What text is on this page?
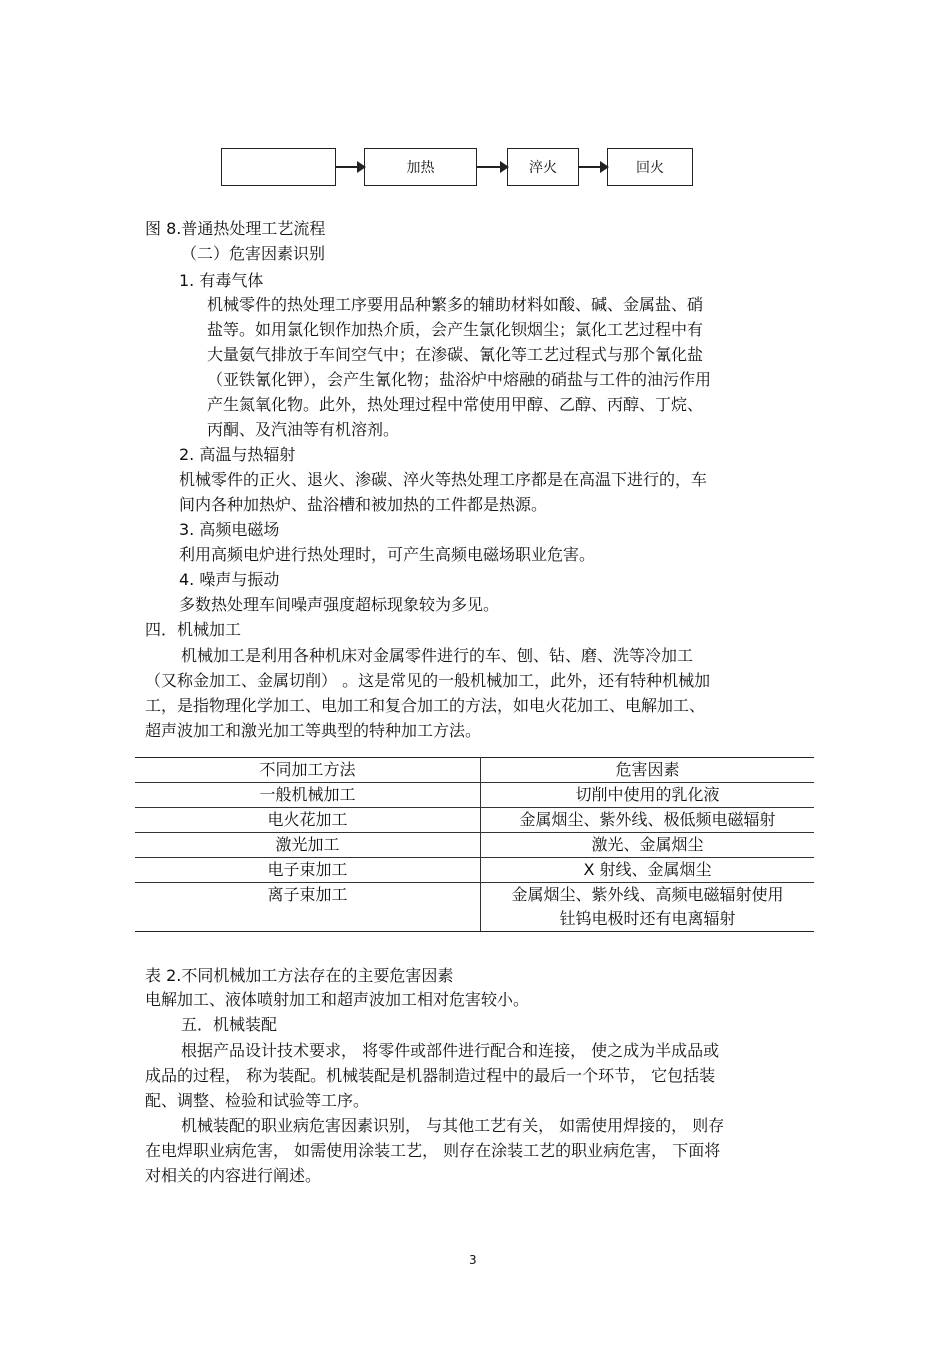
加热	淬火	回火
图 8.普通热处理工艺流程
（二）危害因素识别
1. 有毒气体
机械零件的热处理工序要用品种繁多的辅助材料如酸、碱、金属盐、硝
盐等。如用氯化钡作加热介质，会产生氯化钡烟尘；氯化工艺过程中有
大量氨气排放于车间空气中；在渗碳、氰化等工艺过程式与那个氰化盐
（亚铁氰化钾），会产生氰化物；盐浴炉中熔融的硝盐与工件的油污作用
产生氮氧化物。此外，热处理过程中常使用甲醇、乙醇、丙醇、丁烷、
丙酮、及汽油等有机溶剂。
2. 高温与热辐射
机械零件的正火、退火、渗碳、淬火等热处理工序都是在高温下进行的，车
间内各种加热炉、盐浴槽和被加热的工件都是热源。
3. 高频电磁场
利用高频电炉进行热处理时，可产生高频电磁场职业危害。
4. 噪声与振动
多数热处理车间噪声强度超标现象较为多见。
四．机械加工
机械加工是利用各种机床对金属零件进行的车、刨、钻、磨、洗等冷加工
（又称金加工、金属切削） 。这是常见的一般机械加工，此外，还有特种机械加
工，是指物理化学加工、电加工和复合加工的方法，如电火花加工、电解加工、
超声波加工和激光加工等典型的特种加工方法。
不同加工方法	危害因素
一般机械加工	切削中使用的乳化液
电火花加工	金属烟尘、紫外线、极低频电磁辐射
激光加工	激光、金属烟尘
电子束加工	X 射线、金属烟尘
离子束加工	金属烟尘、紫外线、高频电磁辐射使用
钍钨电极时还有电离辐射
表 2.不同机械加工方法存在的主要危害因素
电解加工、液体喷射加工和超声波加工相对危害较小。
五．机械装配
根据产品设计技术要求， 将零件或部件进行配合和连接， 使之成为半成品或
成品的过程， 称为装配。机械装配是机器制造过程中的最后一个环节， 它包括装
配、调整、检验和试验等工序。
机械装配的职业病危害因素识别， 与其他工艺有关， 如需使用焊接的， 则存
在电焊职业病危害， 如需使用涂装工艺， 则存在涂装工艺的职业病危害， 下面将
对相关的内容进行阐述。
3
